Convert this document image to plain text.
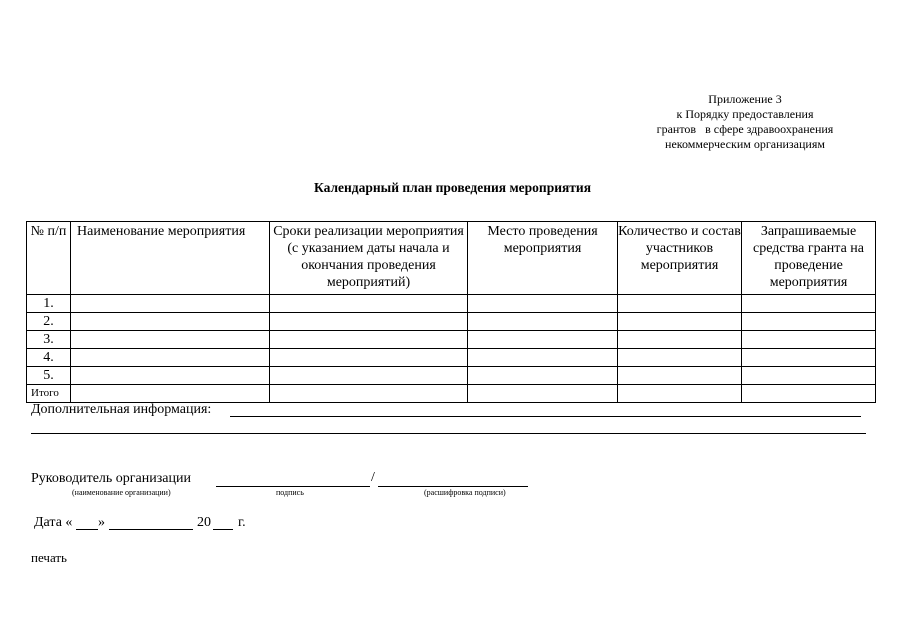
Приложение 3
к Порядку предоставления
грантов   в сфере здравоохранения
некоммерческим организациям
Календарный план проведения мероприятия
№ п/п	Наименование мероприятия	Сроки реализации мероприятия (с указанием даты начала и окончания проведения мероприятий)	Место проведения мероприятия	Количество и состав участников мероприятия	Запрашиваемые средства гранта на проведение мероприятия
1.					
2.					
3.					
4.					
5.					
Итого					
Дополнительная информация:
Руководитель организации	/
(наименование организации)	подпись	(расшифровка подписи)
Дата « »	20 г.
печать
